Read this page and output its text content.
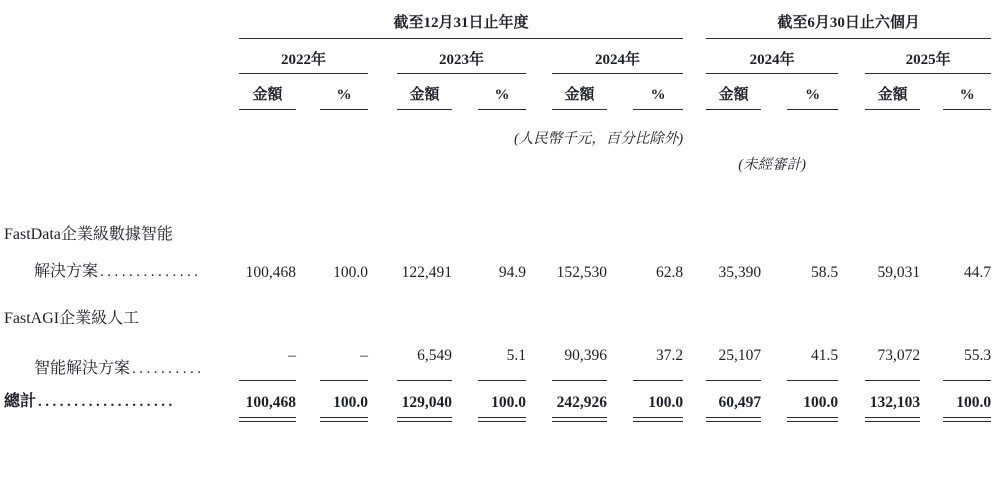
	截至12月31日止年度												截至6月30日止六個月						
	2022年				2023年				2024年				2024年				2025年		
	金額		%		金額		%		金額		%		金額		%		金額		%
	(人民幣千元，百分比除外)																		
													(未經審計)						
FastData企業級數據智能																			
解決方案 ..............	100,468		100.0		122,491		94.9		152,530		62.8		35,390		58.5		59,031		44.7
FastAGI企業級人工																			
智能解決方案 ..........	–		–		6,549		5.1		90,396		37.2		25,107		41.5		73,072		55.3
總計 ...................	100,468		100.0		129,040		100.0		242,926		100.0		60,497		100.0		132,103		100.0
